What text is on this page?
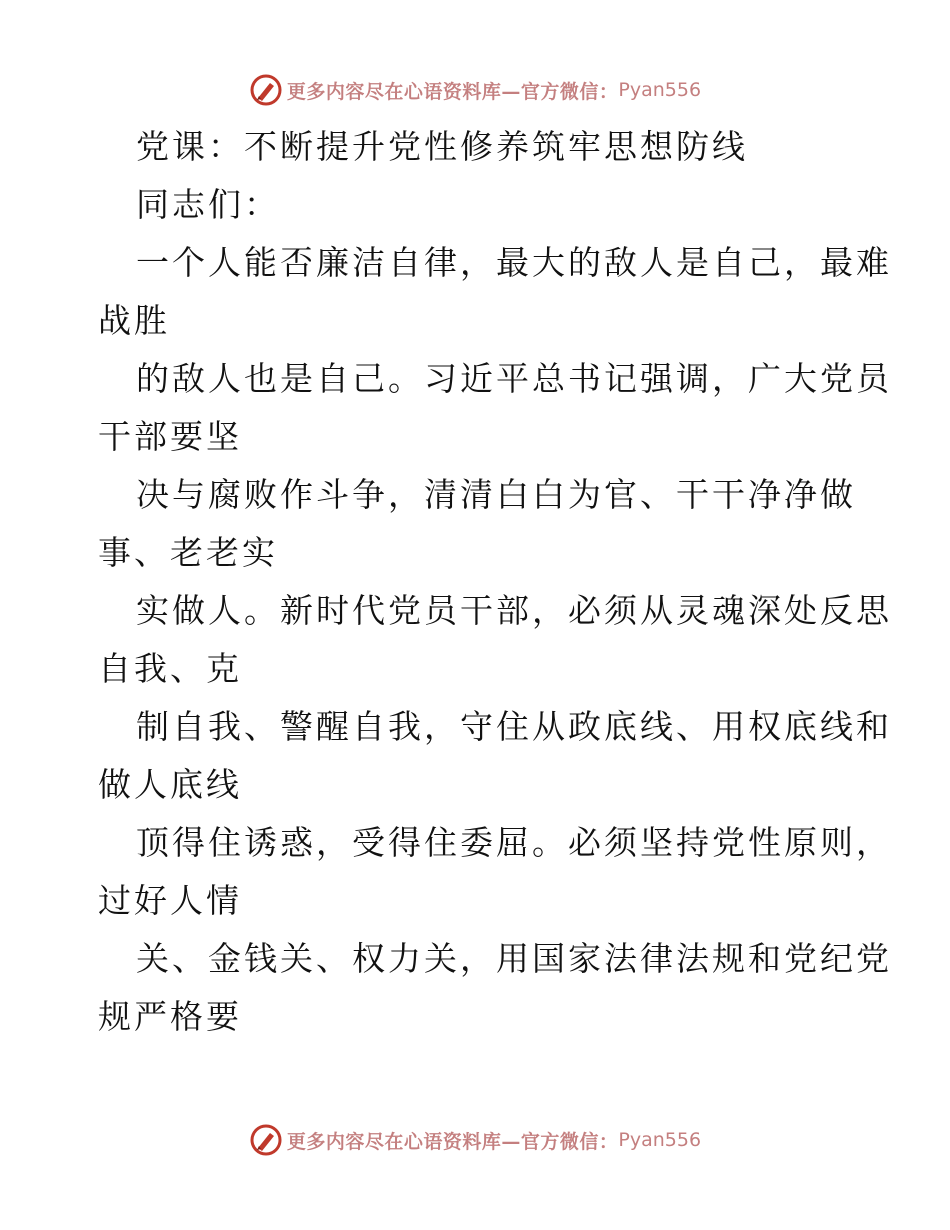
更多内容尽在心语资料库—官方微信： Pyan556
党课：不断提升党性修养筑牢思想防线
同志们：
一个人能否廉洁自律，最大的敌人是自己，最难
战胜
的敌人也是自己。习近平总书记强调，广大党员
干部要坚
决与腐败作斗争，清清白白为官、干干净净做
事、老老实
实做人。新时代党员干部，必须从灵魂深处反思
自我、克
制自我、警醒自我，守住从政底线、用权底线和
做人底线
顶得住诱惑，受得住委屈。必须坚持党性原则，
过好人情
关、金钱关、权力关，用国家法律法规和党纪党
规严格要
更多内容尽在心语资料库—官方微信： Pyan556
